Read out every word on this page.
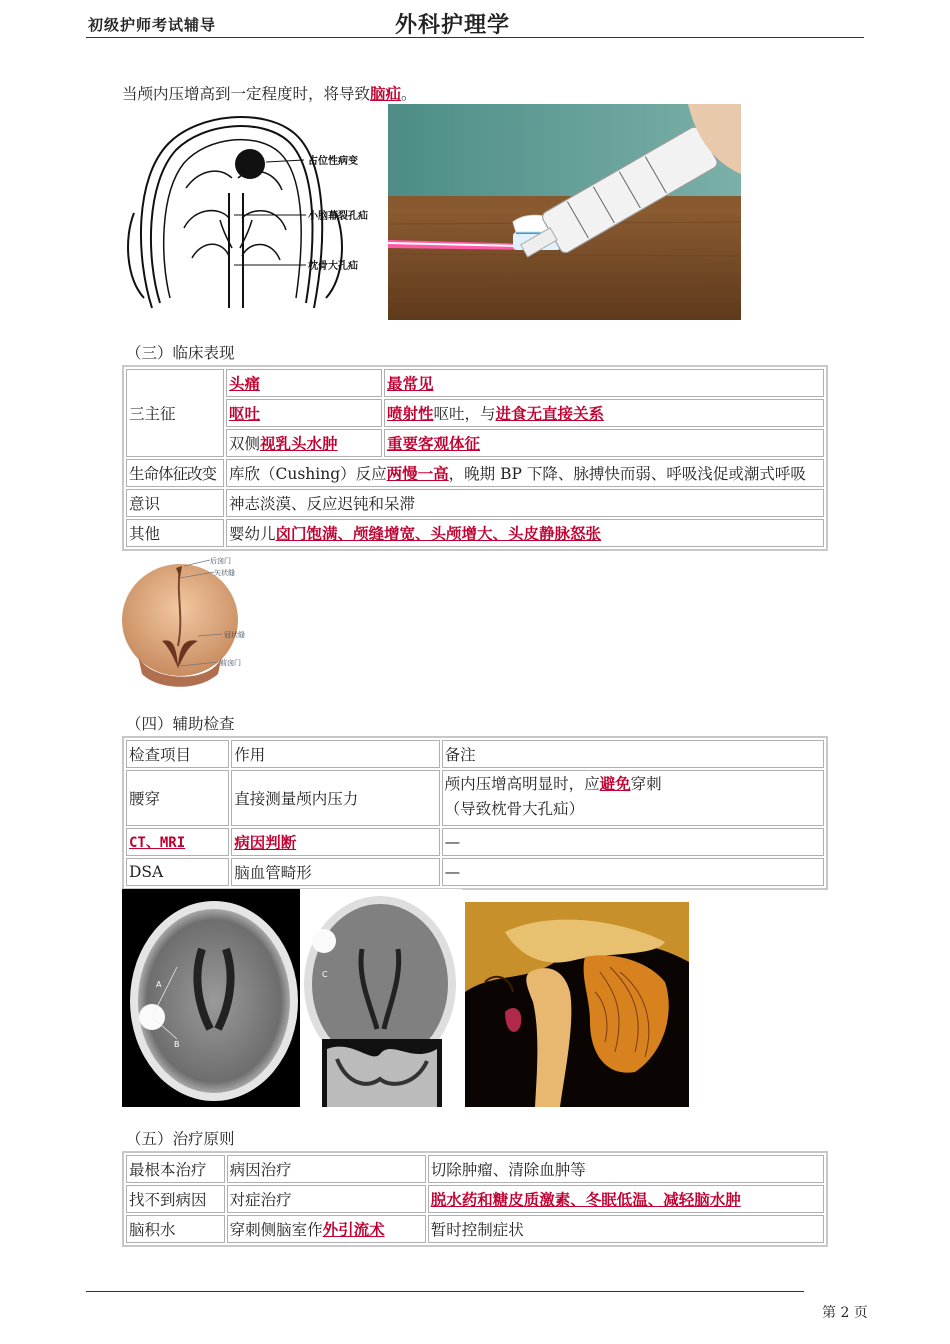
初级护师考试辅导	外科护理学
当颅内压增高到一定程度时，将导致脑疝。
占位性病变
小脑幕裂孔疝
枕骨大孔疝
（三）临床表现
三主征	头痛	最常见
	呕吐	喷射性呕吐，与进食无直接关系
	双侧视乳头水肿	重要客观体征
生命体征改变	库欣（Cushing）反应两慢一高，晚期 BP 下降、脉搏快而弱、呼吸浅促或潮式呼吸	
意识	神志淡漠、反应迟钝和呆滞	
其他	婴幼儿囟门饱满、颅缝增宽、头颅增大、头皮静脉怒张	
后囟门
矢状缝
冠状缝
前囟门
（四）辅助检查
检查项目	作用	备注
腰穿	直接测量颅内压力	颅内压增高明显时，应避免穿刺
（导致枕骨大孔疝）
CT、MRI	病因判断	—
DSA	脑血管畸形	—
A
B
C
（五）治疗原则
最根本治疗	病因治疗	切除肿瘤、清除血肿等
找不到病因	对症治疗	脱水药和糖皮质激素、冬眠低温、减轻脑水肿
脑积水	穿刺侧脑室作外引流术	暂时控制症状
第 2 页
